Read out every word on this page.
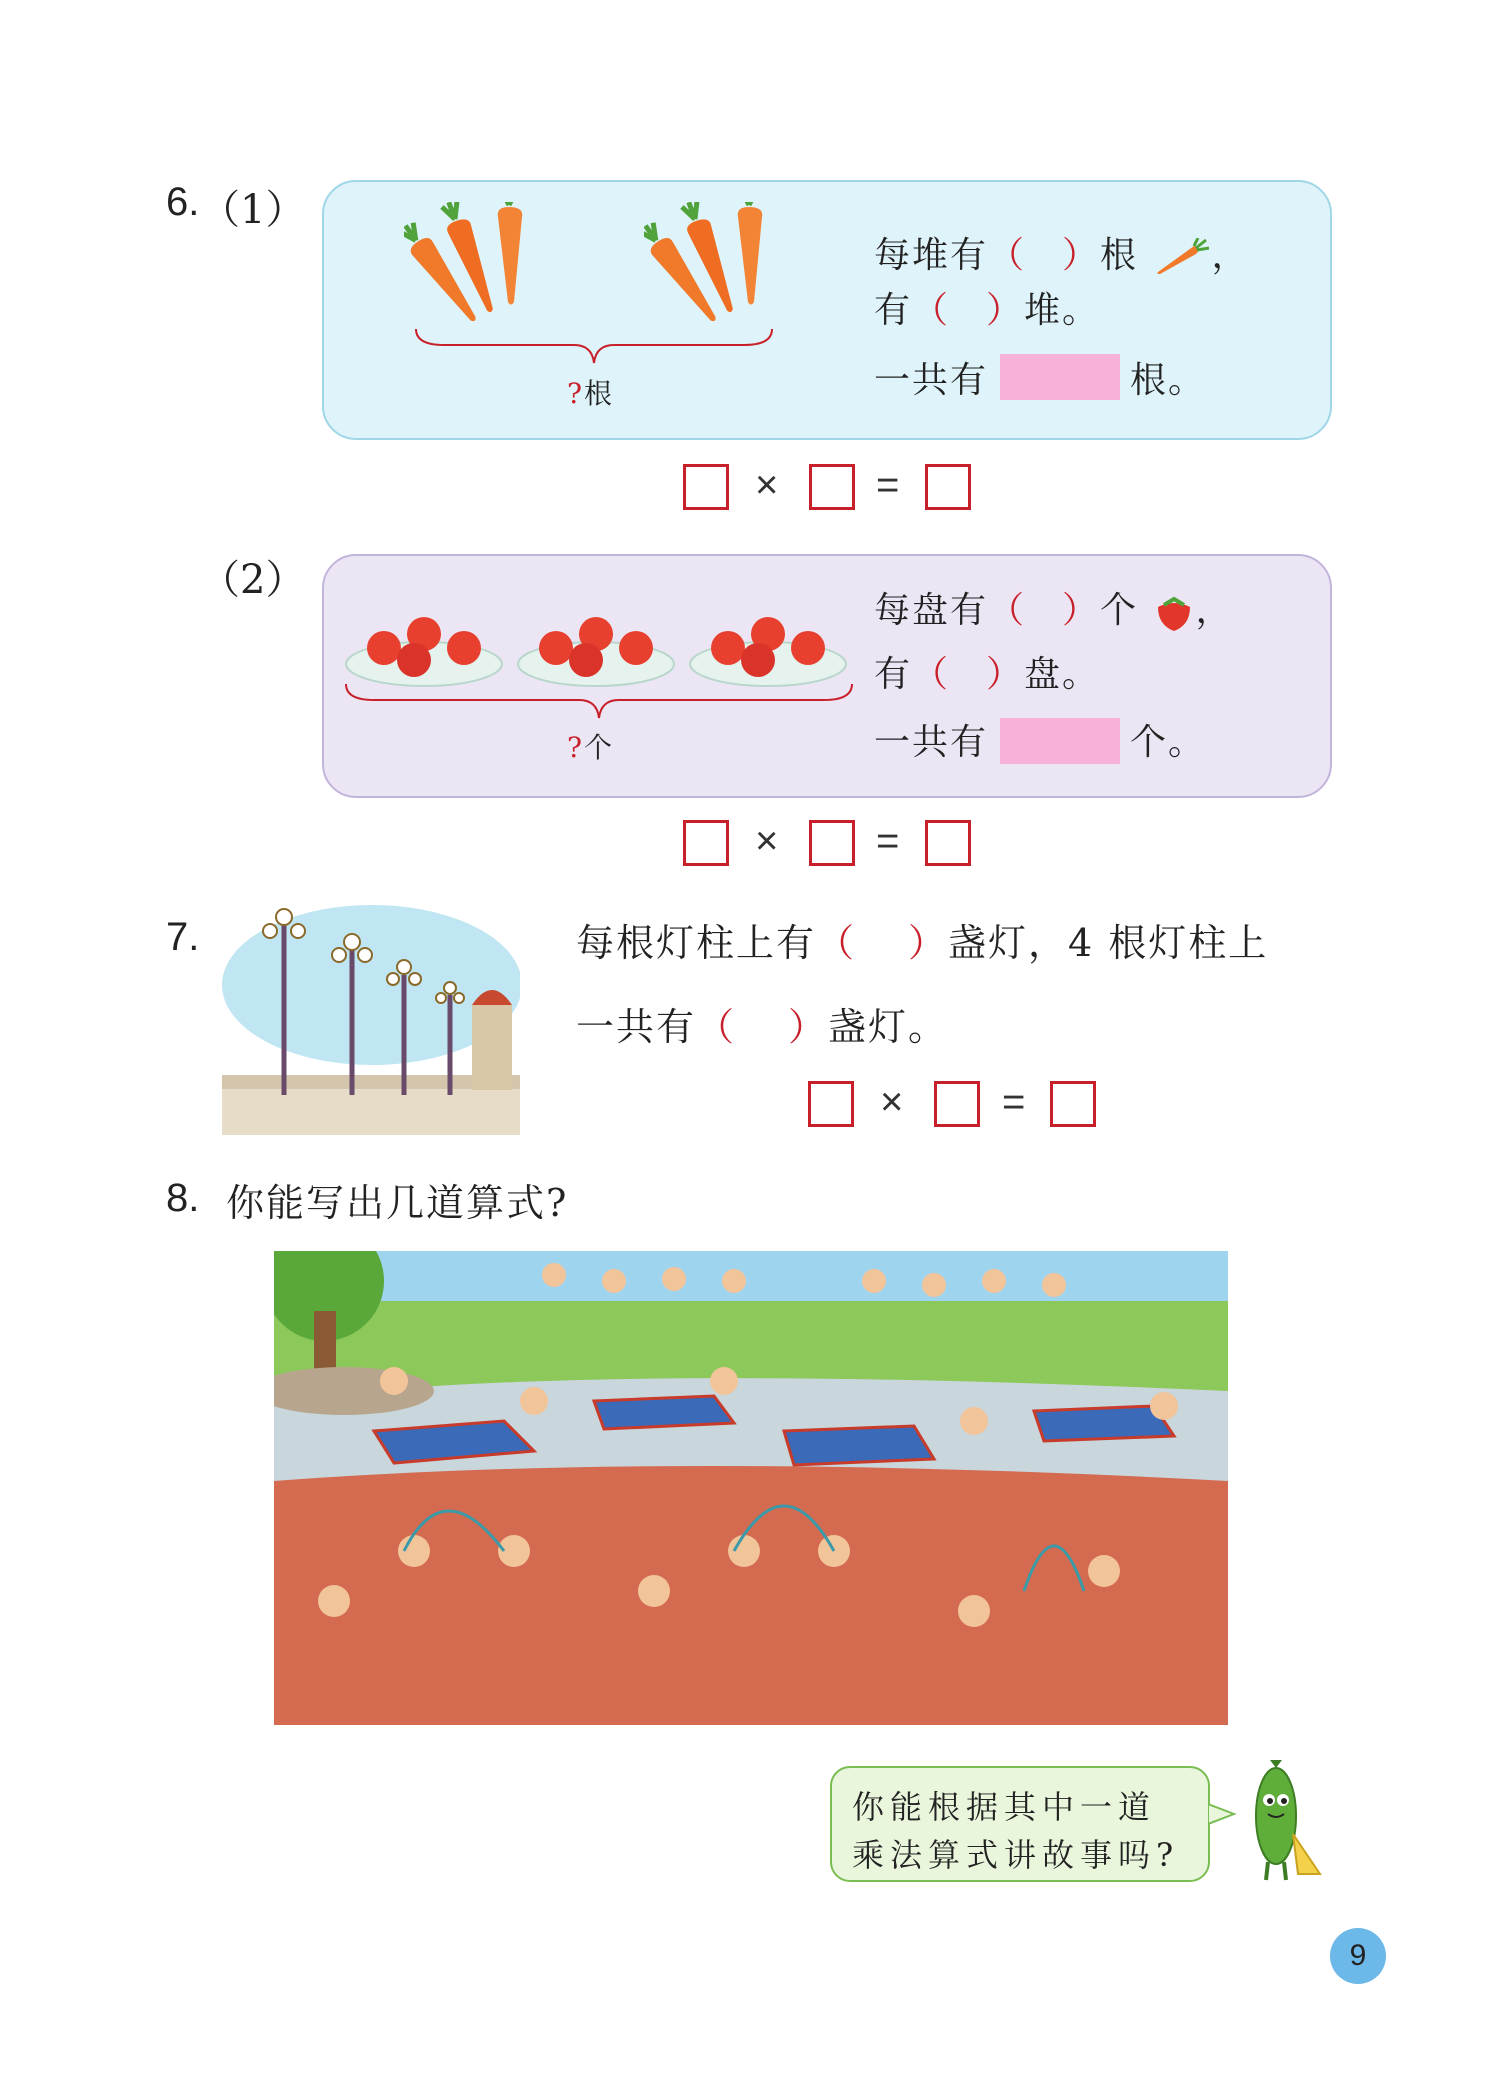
6. （1）
?根
每堆有（ ）根 ，
有（ ）堆。
一共有	根。
× =
（2）
?个
每盘有（ ）个 ，
有（ ）盘。
一共有	个。
× =
7.	每根灯柱上有（ ）盏灯，4 根灯柱上
一共有（ ）盏灯。
× =
8. 你能写出几道算式?
你能根据其中一道
乘法算式讲故事吗?
9
